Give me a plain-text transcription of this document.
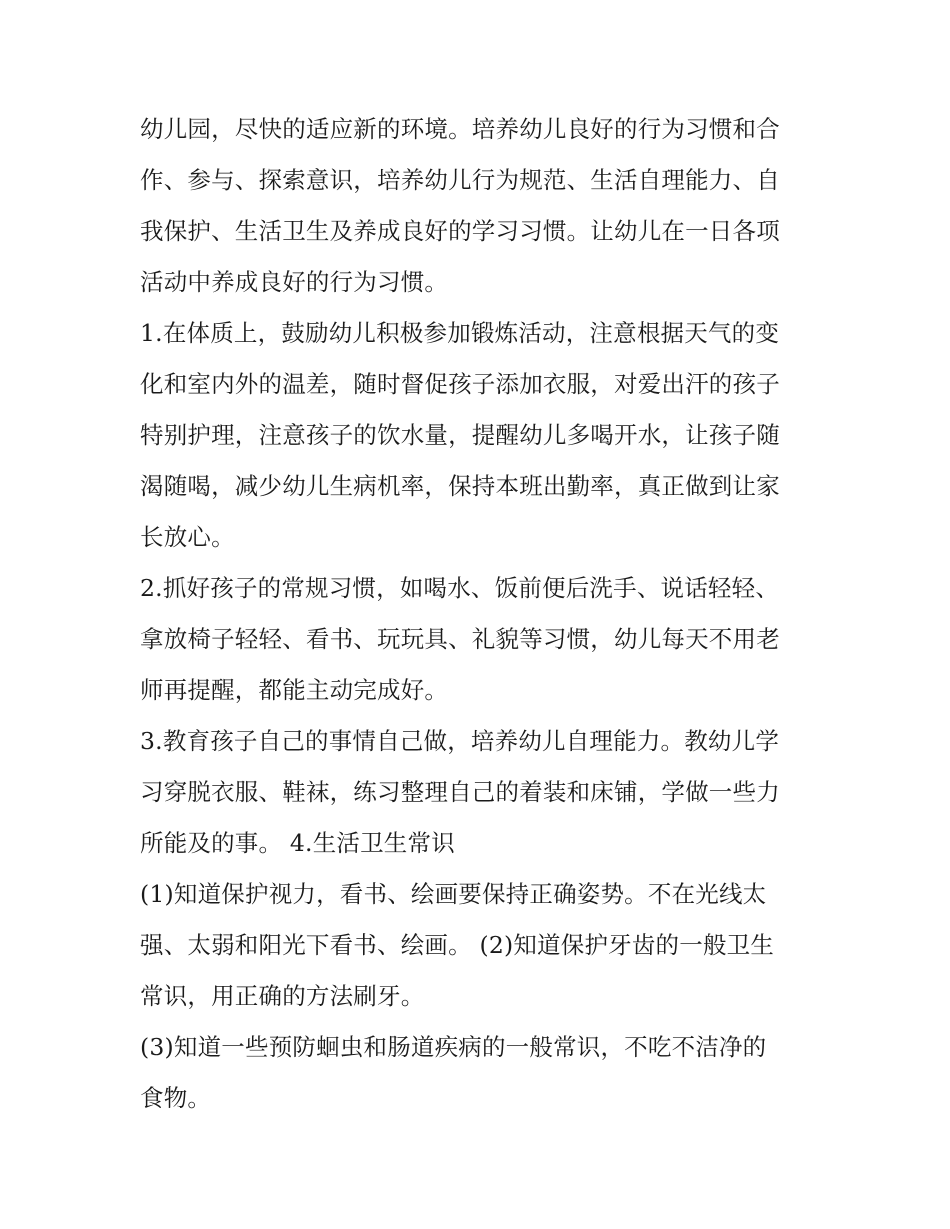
幼儿园，尽快的适应新的环境。培养幼儿良好的行为习惯和合
作、参与、探索意识，培养幼儿行为规范、生活自理能力、自
我保护、生活卫生及养成良好的学习习惯。让幼儿在一日各项
活动中养成良好的行为习惯。
1.在体质上，鼓励幼儿积极参加锻炼活动，注意根据天气的变
化和室内外的温差，随时督促孩子添加衣服，对爱出汗的孩子
特别护理，注意孩子的饮水量，提醒幼儿多喝开水，让孩子随
渴随喝，减少幼儿生病机率，保持本班出勤率，真正做到让家
长放心。
2.抓好孩子的常规习惯，如喝水、饭前便后洗手、说话轻轻、
拿放椅子轻轻、看书、玩玩具、礼貌等习惯，幼儿每天不用老
师再提醒，都能主动完成好。
3.教育孩子自己的事情自己做，培养幼儿自理能力。教幼儿学
习穿脱衣服、鞋袜，练习整理自己的着装和床铺，学做一些力
所能及的事。 4.生活卫生常识
(1)知道保护视力，看书、绘画要保持正确姿势。不在光线太
强、太弱和阳光下看书、绘画。 (2)知道保护牙齿的一般卫生
常识，用正确的方法刷牙。
(3)知道一些预防蛔虫和肠道疾病的一般常识，不吃不洁净的
食物。
